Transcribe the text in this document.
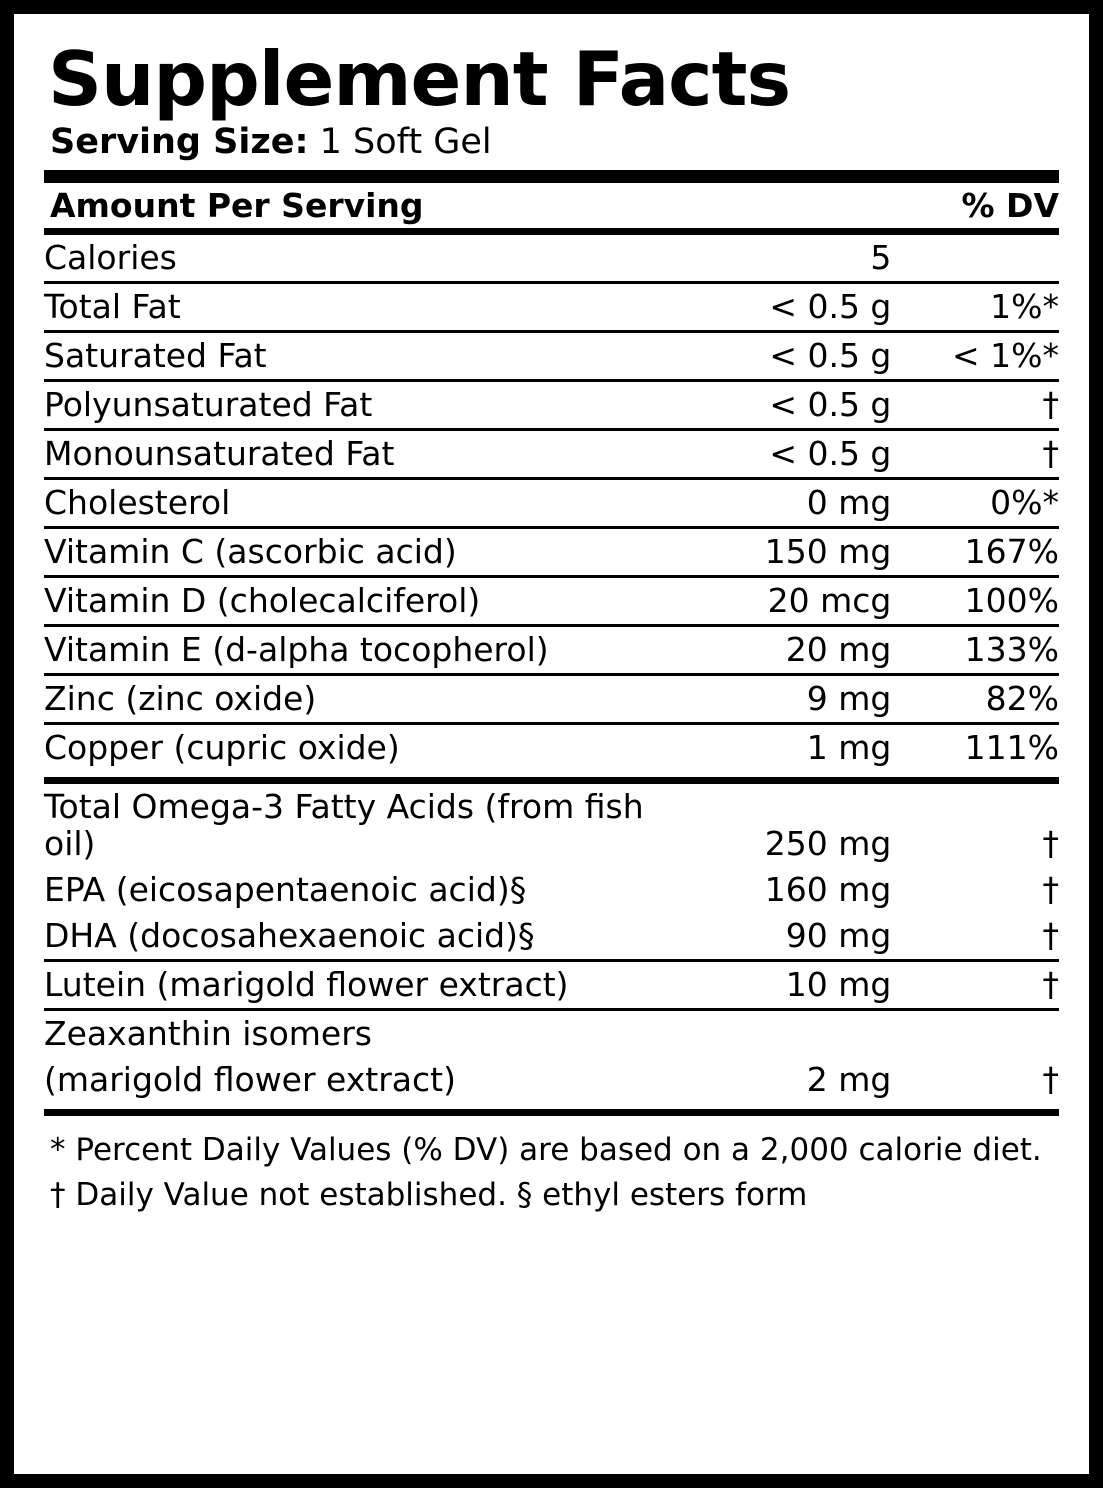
Supplement Facts
Serving Size: 1 Soft Gel
Amount Per Serving		% DV
Calories	5	
Total Fat	< 0.5 g	1%*
Saturated Fat	< 0.5 g	< 1%*
Polyunsaturated Fat	< 0.5 g	†
Monounsaturated Fat	< 0.5 g	†
Cholesterol	0 mg	0%*
Vitamin C (ascorbic acid)	150 mg	167%
Vitamin D (cholecalciferol)	20 mcg	100%
Vitamin E (d-alpha tocopherol)	20 mg	133%
Zinc (zinc oxide)	9 mg	82%
Copper (cupric oxide)	1 mg	111%
Total Omega-3 Fatty Acids (from fish oil)	250 mg	†
EPA (eicosapentaenoic acid)§	160 mg	†
DHA (docosahexaenoic acid)§	90 mg	†
Lutein (marigold flower extract)	10 mg	†
Zeaxanthin isomers		
(marigold flower extract)	2 mg	†
* Percent Daily Values (% DV) are based on a 2,000 calorie diet.
† Daily Value not established. § ethyl esters form
